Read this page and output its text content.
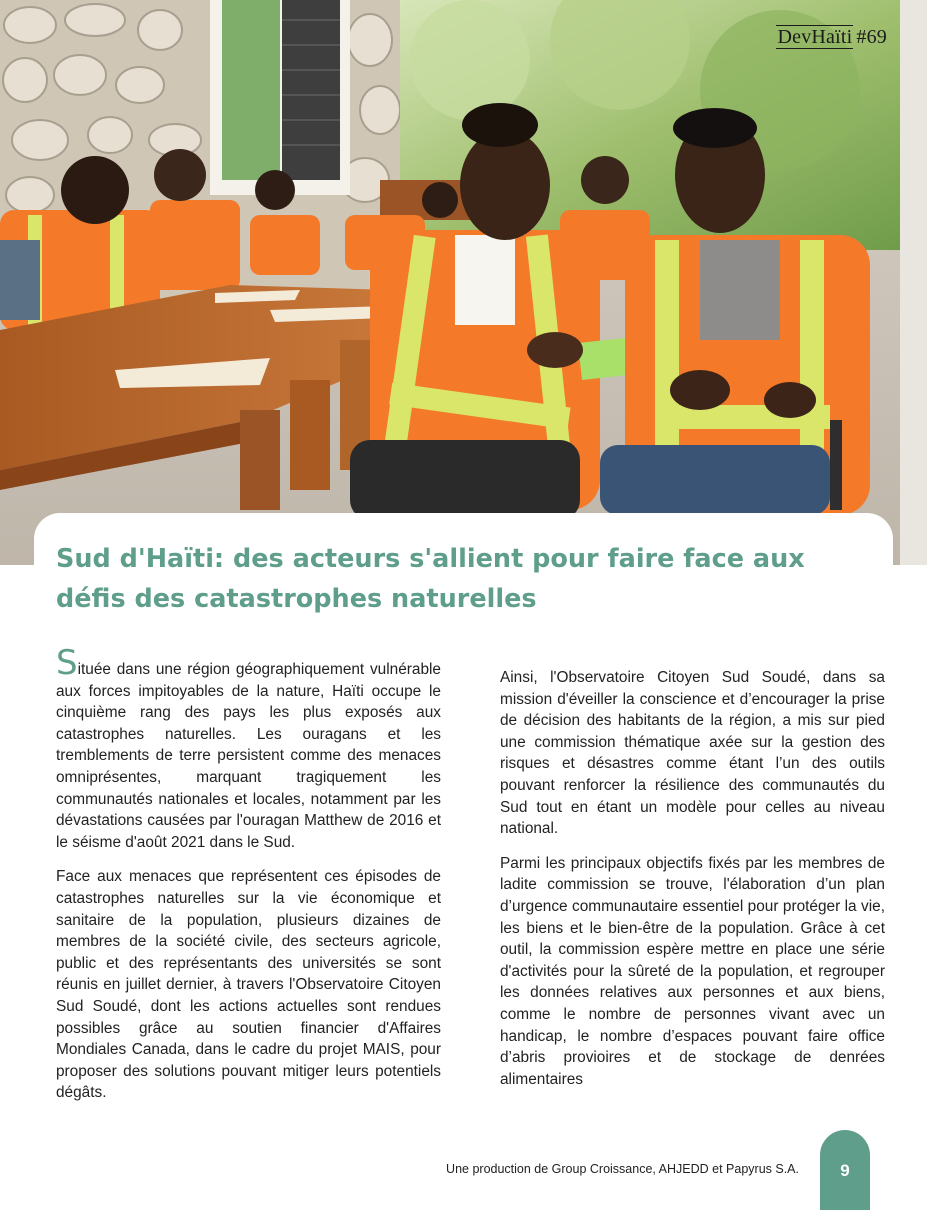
DevHaïti #69
Sud d'Haïti: des acteurs s'allient pour faire face aux défis des catastrophes naturelles

Située dans une région géographiquement vulnérable aux forces impitoyables de la nature, Haïti occupe le cinquième rang des pays les plus exposés aux catastrophes naturelles. Les ouragans et les tremblements de terre persistent comme des menaces omniprésentes, marquant tragiquement les communautés nationales et locales, notamment par les dévastations causées par l'ouragan Matthew de 2016 et le séisme d'août 2021 dans le Sud.

Face aux menaces que représentent ces épisodes de catastrophes naturelles sur la vie économique et sanitaire de la population, plusieurs dizaines de membres de la société civile, des secteurs agricole, public et des représentants des universités se sont réunis en juillet dernier, à travers l'Observatoire Citoyen Sud Soudé, dont les actions actuelles sont rendues possibles grâce au soutien financier d'Affaires Mondiales Canada, dans le cadre du projet MAIS, pour proposer des solutions pouvant mitiger leurs potentiels dégâts.

Ainsi, l'Observatoire Citoyen Sud Soudé, dans sa mission d'éveiller la conscience et d’encourager la prise de décision des habitants de la région, a mis sur pied une commission thématique axée sur la gestion des risques et désastres comme étant l’un des outils pouvant renforcer la résilience des communautés du Sud tout en étant un modèle pour celles au niveau national.

Parmi les principaux objectifs fixés par les membres de ladite commission se trouve, l'élaboration d’un plan d’urgence communautaire essentiel pour protéger la vie, les biens et le bien-être de la population. Grâce à cet outil, la commission espère mettre en place une série d'activités pour la sûreté de la population, et regrouper les données relatives aux personnes et aux biens, comme le nombre de personnes vivant avec un handicap, le nombre d’espaces pouvant faire office d’abris provioires et de stockage de denrées alimentaires

Une production de Group Croissance, AHJEDD et Papyrus S.A.	9
